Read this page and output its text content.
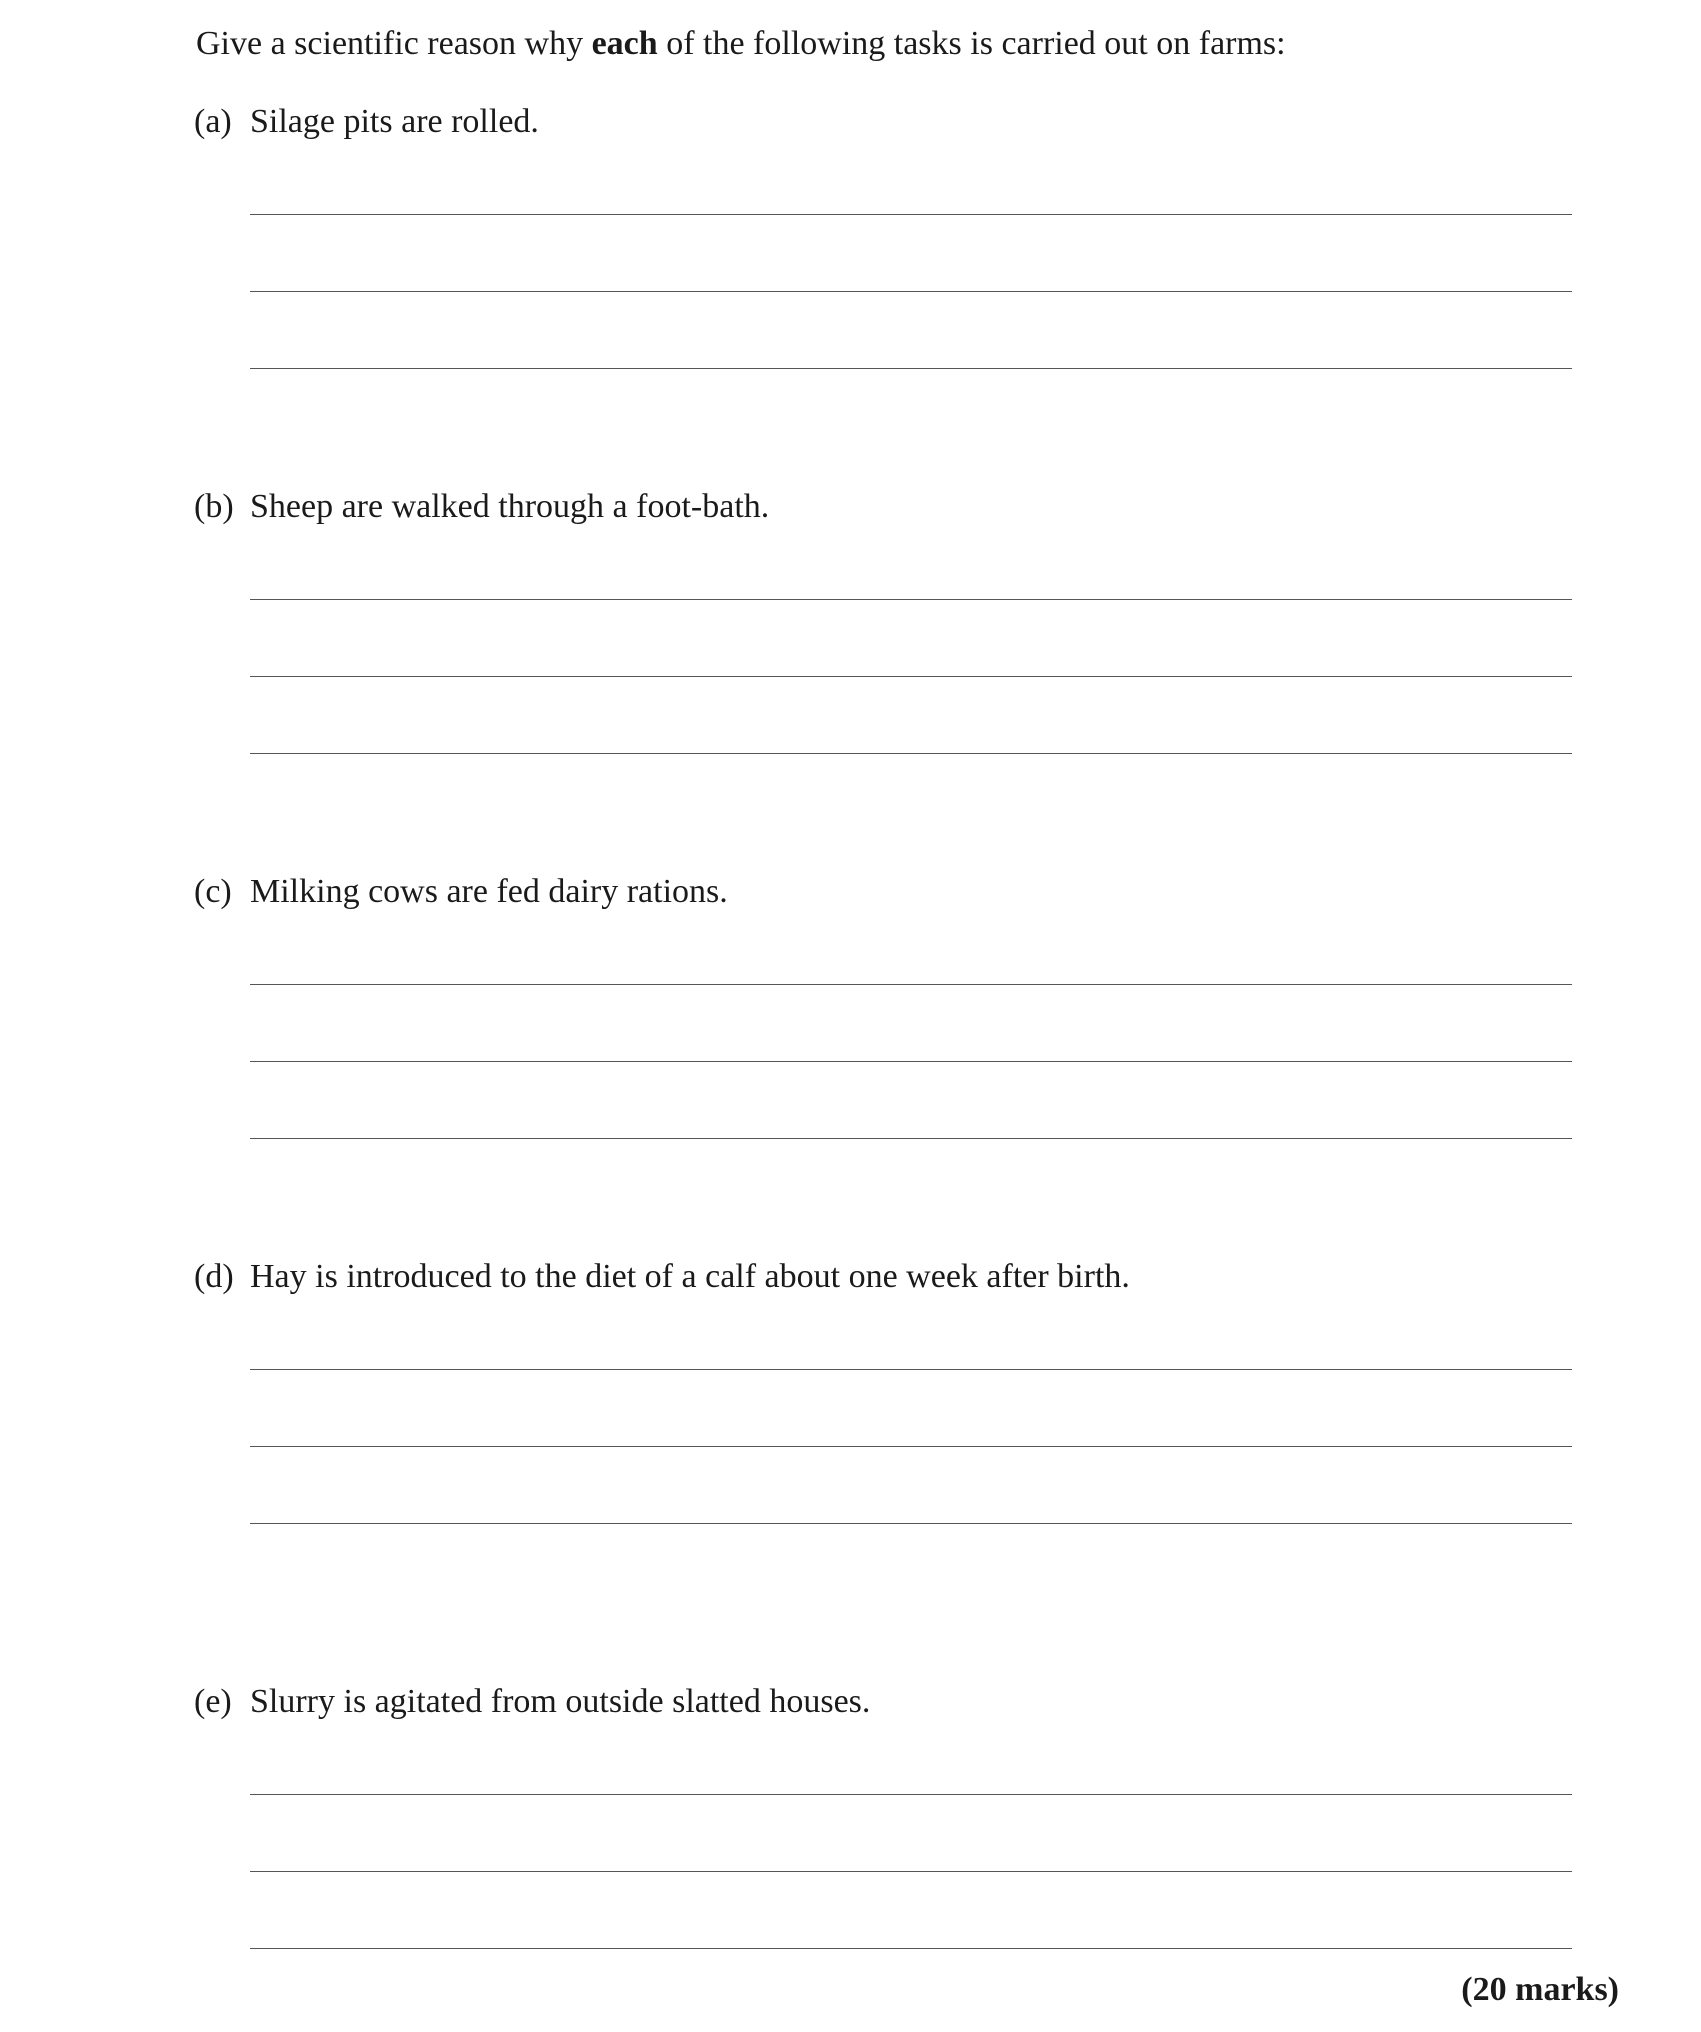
Give a scientific reason why each of the following tasks is carried out on farms:

(a) Silage pits are rolled.
(b) Sheep are walked through a foot-bath.
(c) Milking cows are fed dairy rations.
(d) Hay is introduced to the diet of a calf about one week after birth.
(e) Slurry is agitated from outside slatted houses.
(20 marks)
